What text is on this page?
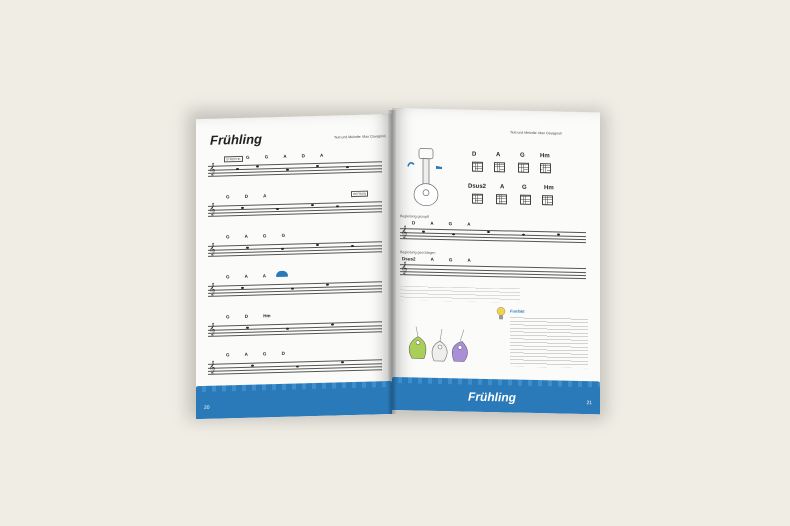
Frühling	Text und Melodie: Max Cavagnoli
STROPHE	G G A D A
𝄞
REFRAIN
G D A
𝄞
G A G G
𝄞
G A A
𝄞
G D Hm
𝄞
G A G D
𝄞
20
Text und Melodie: Max Cavagnoli
D	A	G	Hm
Dsus2 A	G	Hm
Begleitung gezupft
D A G A
𝄞
Begleitung geschlagen
Dsus2 A G A
𝄞
Funfakt
Frühling	21
